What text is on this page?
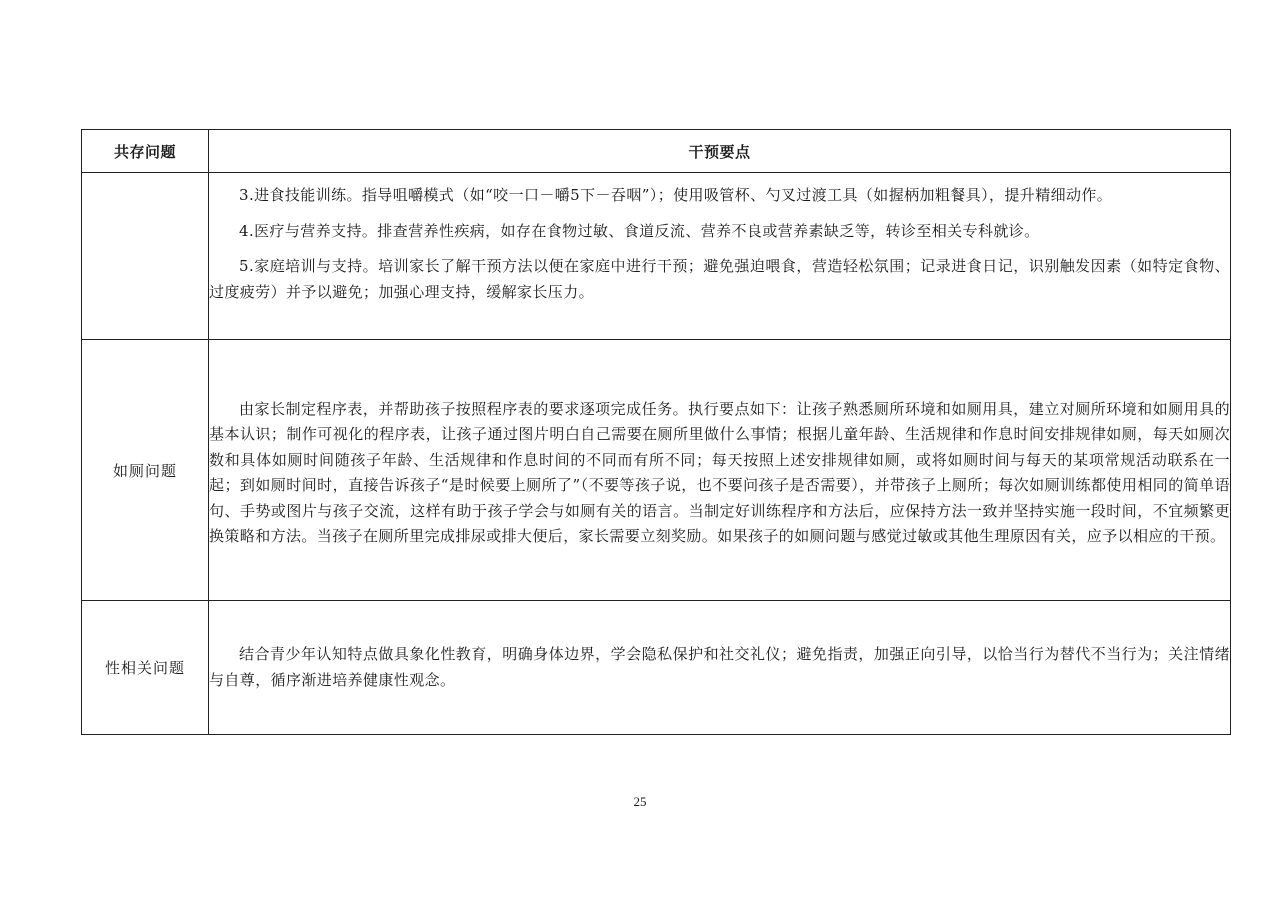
共存问题	干预要点

	3.进食技能训练。指导咀嚼模式（如“咬一口－嚼5下－吞咽”）；使用吸管杯、勺叉过渡工具（如握柄加粗餐具），提升精细动作。

4.医疗与营养支持。排查营养性疾病，如存在食物过敏、食道反流、营养不良或营养素缺乏等，转诊至相关专科就诊。

5.家庭培训与支持。培训家长了解干预方法以便在家庭中进行干预；避免强迫喂食，营造轻松氛围；记录进食日记，识别触发因素（如特定食物、过度疲劳）并予以避免；加强心理支持，缓解家长压力。

如厕问题	由家长制定程序表，并帮助孩子按照程序表的要求逐项完成任务。执行要点如下：让孩子熟悉厕所环境和如厕用具，建立对厕所环境和如厕用具的基本认识；制作可视化的程序表，让孩子通过图片明白自己需要在厕所里做什么事情；根据儿童年龄、生活规律和作息时间安排规律如厕，每天如厕次数和具体如厕时间随孩子年龄、生活规律和作息时间的不同而有所不同；每天按照上述安排规律如厕，或将如厕时间与每天的某项常规活动联系在一起；到如厕时间时，直接告诉孩子“是时候要上厕所了”（不要等孩子说，也不要问孩子是否需要），并带孩子上厕所；每次如厕训练都使用相同的简单语句、手势或图片与孩子交流，这样有助于孩子学会与如厕有关的语言。当制定好训练程序和方法后，应保持方法一致并坚持实施一段时间，不宜频繁更换策略和方法。当孩子在厕所里完成排尿或排大便后，家长需要立刻奖励。如果孩子的如厕问题与感觉过敏或其他生理原因有关，应予以相应的干预。

性相关问题	结合青少年认知特点做具象化性教育，明确身体边界，学会隐私保护和社交礼仪；避免指责，加强正向引导，以恰当行为替代不当行为；关注情绪与自尊，循序渐进培养健康性观念。

25
